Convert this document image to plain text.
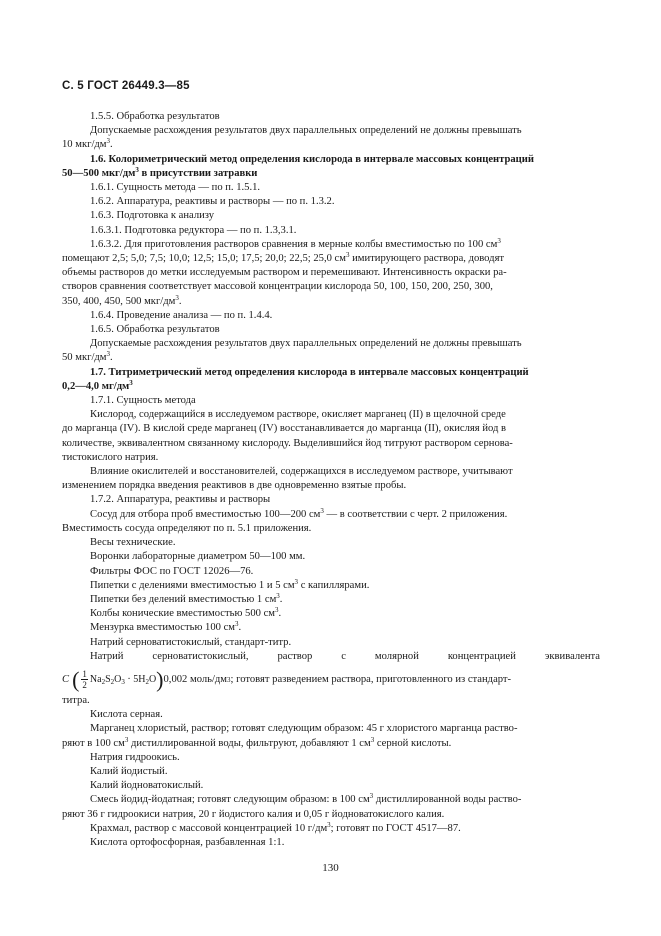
С. 5 ГОСТ 26449.3—85

1.5.5. Обработка результатов

Допускаемые расхождения результатов двух параллельных определений не должны превышать

10 мкг/$дм^3$.

1.6. Колориметрический метод определения кислорода в интервале массовых концентраций

50—500 мкг/$дм^3$ в присутствии затравки

1.6.1. Сущность метода — по п. 1.5.1.

1.6.2. Аппаратура, реактивы и растворы — по п. 1.3.2.

1.6.3. Подготовка к анализу

1.6.3.1. Подготовка редуктора — по п. 1.3,3.1.

1.6.3.2. Для приготовления растворов сравнения в мерные колбы вместимостью по 100 $см^3$

помещают 2,5; 5,0; 7,5; 10,0; 12,5; 15,0; 17,5; 20,0; 22,5; 25,0 $см^3$ имитирующего раствора, доводят

объемы растворов до метки исследуемым раствором и перемешивают. Интенсивность окраски ра-

створов сравнения соответствует массовой концентрации кислорода 50, 100, 150, 200, 250, 300,

350, 400, 450, 500 мкг/$дм^3$.

1.6.4. Проведение анализа — по п. 1.4.4.

1.6.5. Обработка результатов

Допускаемые расхождения результатов двух параллельных определений не должны превышать

50 мкг/$дм^3$.

1.7. Титриметрический метод определения кислорода в интервале массовых концентраций

0,2—4,0 $мг/дм^3$

1.7.1. Сущность метода

Кислород, содержащийся в исследуемом растворе, окисляет марганец (II) в щелочной среде

до марганца (IV). В кислой среде марганец (IV) восстанавливается до марганца (II), окисляя йод в

количестве, эквивалентном связанному кислороду. Выделившийся йод титруют раствором сернова-

тистокислого натрия.

Влияние окислителей и восстановителей, содержащихся в исследуемом растворе, учитывают

изменением порядка введения реактивов в две одновременно взятые пробы.

1.7.2. Аппаратура, реактивы и растворы

Сосуд для отбора проб вместимостью 100—200 $см^3$ — в соответствии с черт. 2 приложения.

Вместимость сосуда определяют по п. 5.1 приложения.

Весы технические.

Воронки лабораторные диаметром 50—100 мм.

Фильтры ФОС по ГОСТ 12026—76.

Пипетки с делениями вместимостью 1 и 5 $см^3$ с капиллярами.

Пипетки без делений вместимостью 1 $см^3$.

Колбы конические вместимостью 500 $см^3$.

Мензурка вместимостью 100 $см^3$.

Натрий серноватистокислый, стандарт-титр.

Натрий серноватистокислый, раствор с молярной концентрацией эквивалента

C ( $\frac{1}{2} Na_2S_2O_3 \cdot 5H_2O$ ) 0,002 моль/дм 3 ; готовят разведением раствора, приготовленного из стандарт-

титра.

Кислота серная.

Марганец хлористый, раствор; готовят следующим образом: 45 г хлористого марганца раство-

ряют в 100 $см^3$ дистиллированной воды, фильтруют, добавляют 1 $см^3$ серной кислоты.

Натрия гидроокись.

Калий йодистый.

Калий йодноватокислый.

Смесь йодид-йодатная; готовят следующим образом: в 100 $см^3$ дистиллированной воды раство-

ряют 36 г гидроокиси натрия, 20 г йодистого калия и 0,05 г йодноватокислого калия.

Крахмал, раствор с массовой концентрацией 10 $г/дм^3$; готовят по ГОСТ 4517—87.

Кислота ортофосфорная, разбавленная 1:1.

130
